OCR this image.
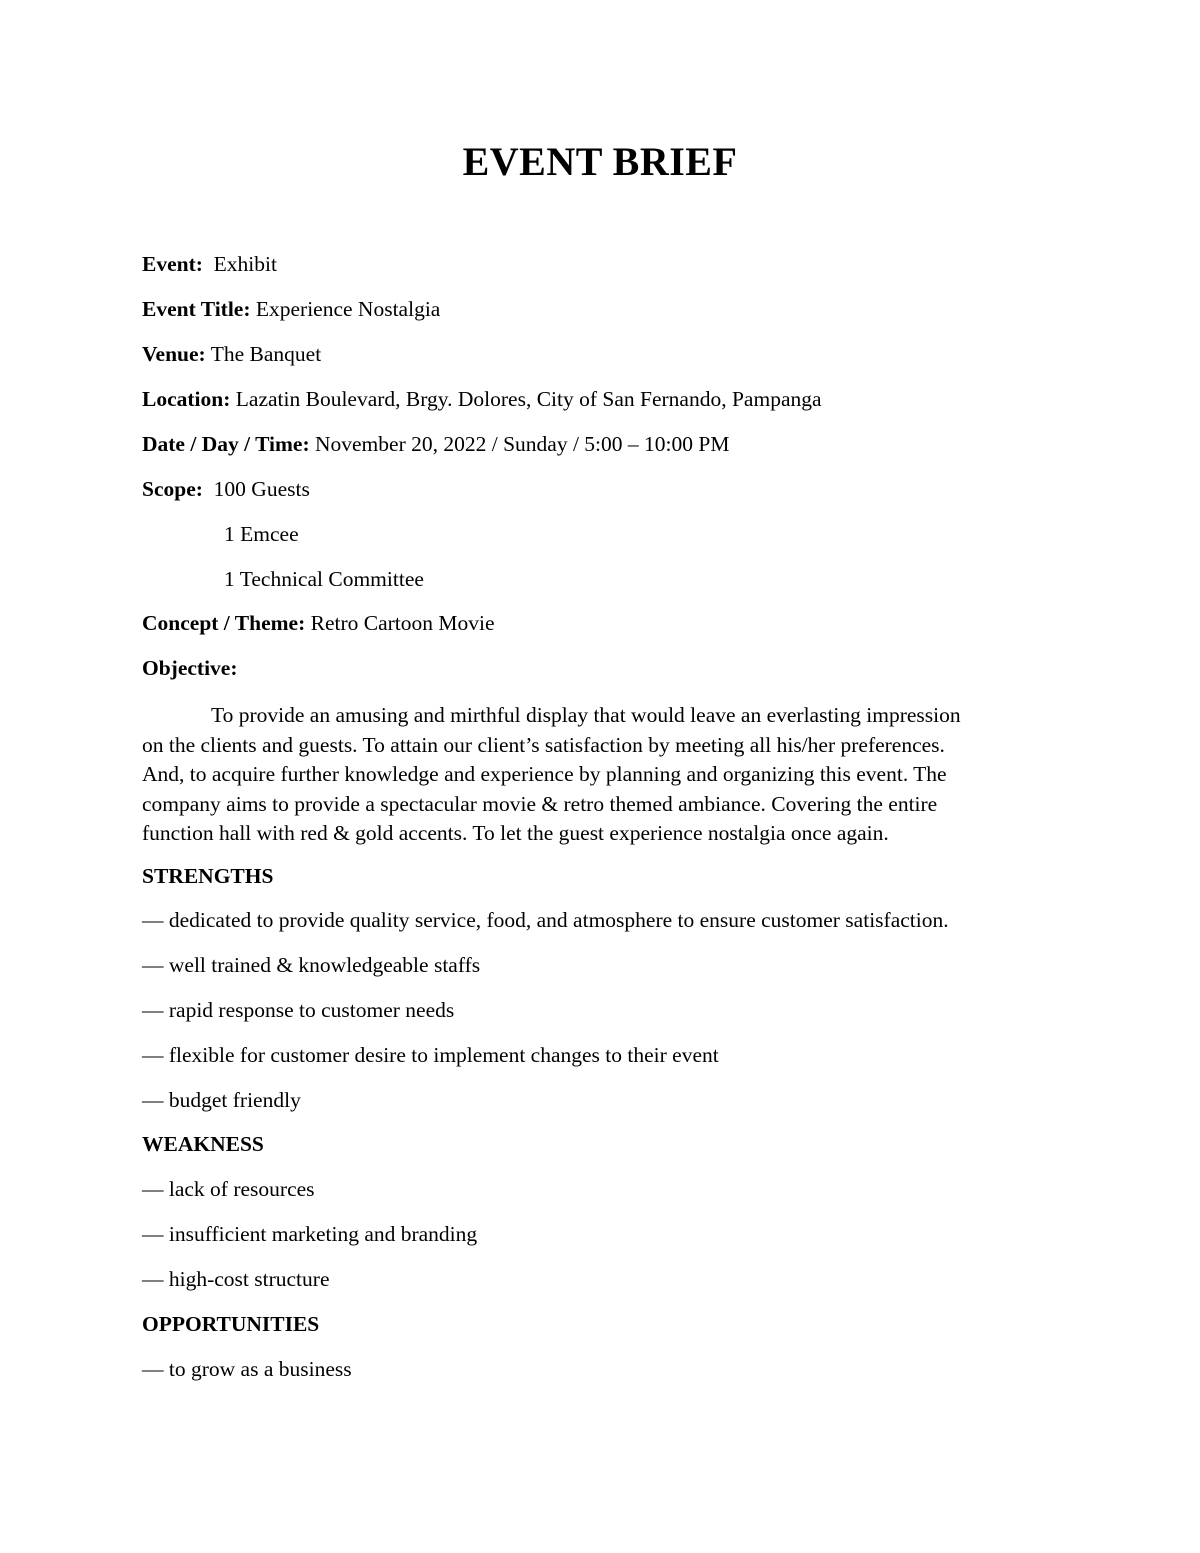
EVENT BRIEF
Event: Exhibit
Event Title: Experience Nostalgia
Venue: The Banquet
Location: Lazatin Boulevard, Brgy. Dolores, City of San Fernando, Pampanga
Date / Day / Time: November 20, 2022 / Sunday / 5:00 – 10:00 PM
Scope: 100 Guests
1 Emcee
1 Technical Committee
Concept / Theme: Retro Cartoon Movie
Objective:
To provide an amusing and mirthful display that would leave an everlasting impression
on the clients and guests. To attain our client’s satisfaction by meeting all his/her preferences.
And, to acquire further knowledge and experience by planning and organizing this event. The
company aims to provide a spectacular movie & retro themed ambiance. Covering the entire
function hall with red & gold accents. To let the guest experience nostalgia once again.
STRENGTHS
— dedicated to provide quality service, food, and atmosphere to ensure customer satisfaction.
— well trained & knowledgeable staffs
— rapid response to customer needs
— flexible for customer desire to implement changes to their event
— budget friendly
WEAKNESS
— lack of resources
— insufficient marketing and branding
— high-cost structure
OPPORTUNITIES
— to grow as a business
